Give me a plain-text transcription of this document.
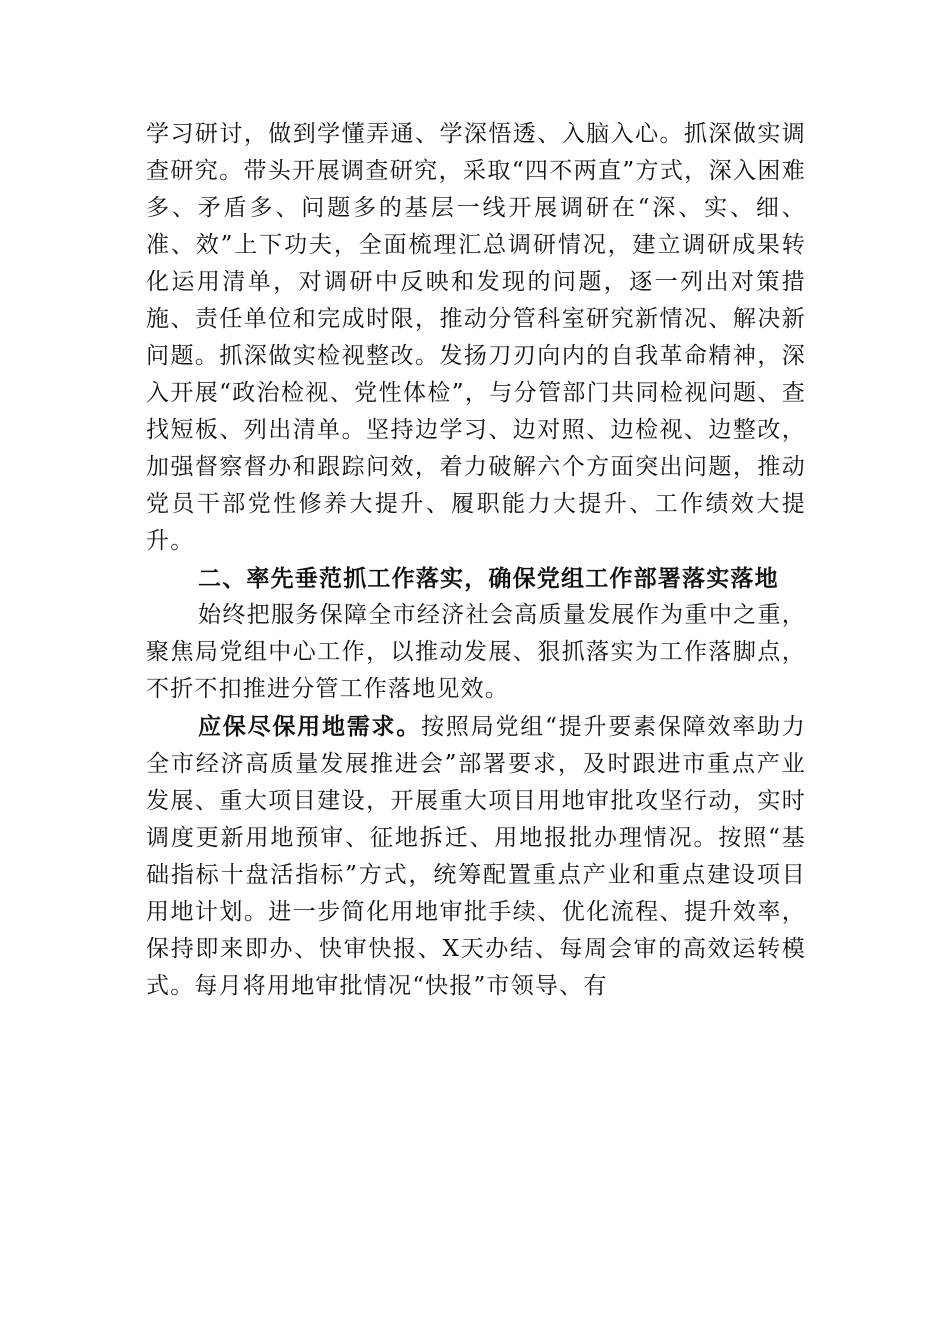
学习研讨，做到学懂弄通、学深悟透、入脑入心。抓深做实调查研究。带头开展调查研究，采取“四不两直”方式，深入困难多、矛盾多、问题多的基层一线开展调研在“深、实、细、准、效”上下功夫，全面梳理汇总调研情况，建立调研成果转化运用清单，对调研中反映和发现的问题，逐一列出对策措施、责任单位和完成时限，推动分管科室研究新情况、解决新问题。抓深做实检视整改。发扬刀刃向内的自我革命精神，深入开展“政治检视、党性体检”，与分管部门共同检视问题、查找短板、列出清单。坚持边学习、边对照、边检视、边整改，加强督察督办和跟踪问效，着力破解六个方面突出问题，推动党员干部党性修养大提升、履职能力大提升、工作绩效大提升。

二、率先垂范抓工作落实，确保党组工作部署落实落地

始终把服务保障全市经济社会高质量发展作为重中之重，聚焦局党组中心工作，以推动发展、狠抓落实为工作落脚点，不折不扣推进分管工作落地见效。

应保尽保用地需求。按照局党组“提升要素保障效率助力全市经济高质量发展推进会”部署要求，及时跟进市重点产业发展、重大项目建设，开展重大项目用地审批攻坚行动，实时调度更新用地预审、征地拆迁、用地报批办理情况。按照“基础指标十盘活指标”方式，统筹配置重点产业和重点建设项目用地计划。进一步简化用地审批手续、优化流程、提升效率，保持即来即办、快审快报、X天办结、每周会审的高效运转模式。每月将用地审批情况“快报”市领导、有
